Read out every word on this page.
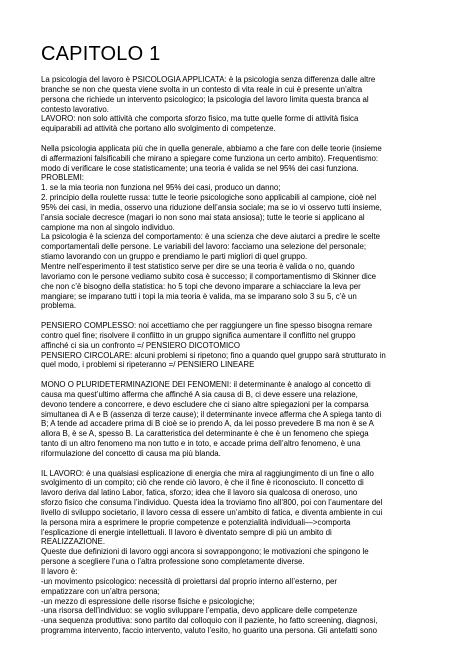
CAPITOLO 1
La psicologia del lavoro è PSICOLOGIA APPLICATA: è la psicologia senza differenza dalle altre
branche se non che questa viene svolta in un contesto di vita reale in cui è presente un’altra
persona che richiede un intervento psicologico; la psicologia del lavoro limita questa branca al
contesto lavorativo.
LAVORO: non solo attività che comporta sforzo fisico, ma tutte quelle forme di attività fisica
equiparabili ad attività che portano allo svolgimento di competenze.
Nella psicologia applicata più che in quella generale, abbiamo a che fare con delle teorie (insieme
di affermazioni falsificabili che mirano a spiegare come funziona un certo ambito). Frequentismo:
modo di verificare le cose statisticamente; una teoria è valida se nel 95% dei casi funziona.
PROBLEMI:
1. se la mia teoria non funziona nel 95% dei casi, produco un danno;
2. principio della roulette russa: tutte le teorie psicologiche sono applicabili al campione, cioè nel
95% dei casi, in media, osservo una riduzione dell’ansia sociale; ma se io vi osservo tutti insieme,
l’ansia sociale decresce (magari io non sono mai stata ansiosa); tutte le teorie si applicano al
campione ma non al singolo individuo.
La psicologia è la scienza del comportamento: è una scienza che deve aiutarci a predire le scelte
comportamentali delle persone. Le variabili del lavoro: facciamo una selezione del personale;
stiamo lavorando con un gruppo e prendiamo le parti migliori di quel gruppo.
Mentre nell’esperimento il test statistico serve per dire se una teoria è valida o no, quando
lavoriamo con le persone vediamo subito cosa è successo; il comportamentismo di Skinner dice
che non c’è bisogno della statistica: ho 5 topi che devono imparare a schiacciare la leva per
mangiare; se imparano tutti i topi la mia teoria è valida, ma se imparano solo 3 su 5, c’è un
problema.
PENSIERO COMPLESSO: noi accettiamo che per raggiungere un fine spesso bisogna remare
contro quel fine; risolvere il conflitto in un gruppo significa aumentare il conflitto nel gruppo
affinché ci sia un confronto =/ PENSIERO DICOTOMICO
PENSIERO CIRCOLARE: alcuni problemi si ripetono; fino a quando quel gruppo sarà strutturato in
quel modo, i problemi si ripeteranno =/ PENSIERO LINEARE
MONO O PLURIDETERMINAZIONE DEI FENOMENI: il determinante è analogo al concetto di
causa ma quest’ultimo afferma che affinché A sia causa di B, ci deve essere una relazione,
devono tendere a concorrere, e devo escludere che ci siano altre spiegazioni per la comparsa
simultanea di A e B (assenza di terze cause); il determinante invece afferma che A spiega tanto di
B; A tende ad accadere prima di B cioè se io prendo A, da lei posso prevedere B ma non è se A
allora B, è se A, spesso B. La caratteristica del determinante è che è un fenomeno che spiega
tanto di un altro fenomeno ma non tutto e in toto, e accade prima dell’altro fenomeno, è una
riformulazione del concetto di causa ma più blanda.
IL LAVORO: è una qualsiasi esplicazione di energia che mira al raggiungimento di un fine o allo
svolgimento di un compito; ciò che rende ciò lavoro, è che il fine è riconosciuto. Il concetto di
lavoro deriva dal latino Labor, fatica, sforzo; idea che il lavoro sia qualcosa di oneroso, uno
sforzo fisico che consuma l’individuo. Questa idea la troviamo fino all’800, poi con l’aumentare del
livello di sviluppo societario, il lavoro cessa di essere un’ambito di fatica, e diventa ambiente in cui
la persona mira a esprimere le proprie competenze e potenzialità individuali—>comporta
l’esplicazione di energie intellettuali. Il lavoro è diventato sempre di più un ambito di
REALIZZAZIONE.
Queste due definizioni di lavoro oggi ancora si sovrappongono; le motivazioni che spingono le
persone a scegliere l’una o l’altra professione sono completamente diverse.
Il lavoro è:
-un movimento psicologico: necessità di proiettarsi dal proprio interno all’esterno, per
empatizzare con un’altra persona;
-un mezzo di espressione delle risorse fisiche e psicologiche;
-una risorsa dell’individuo: se voglio sviluppare l’empatia, devo applicare delle competenze
-una sequenza produttiva: sono partito dal colloquio con il paziente, ho fatto screening, diagnosi,
programma intervento, faccio intervento, valuto l’esito, ho guarito una persona. Gli antefatti sono
